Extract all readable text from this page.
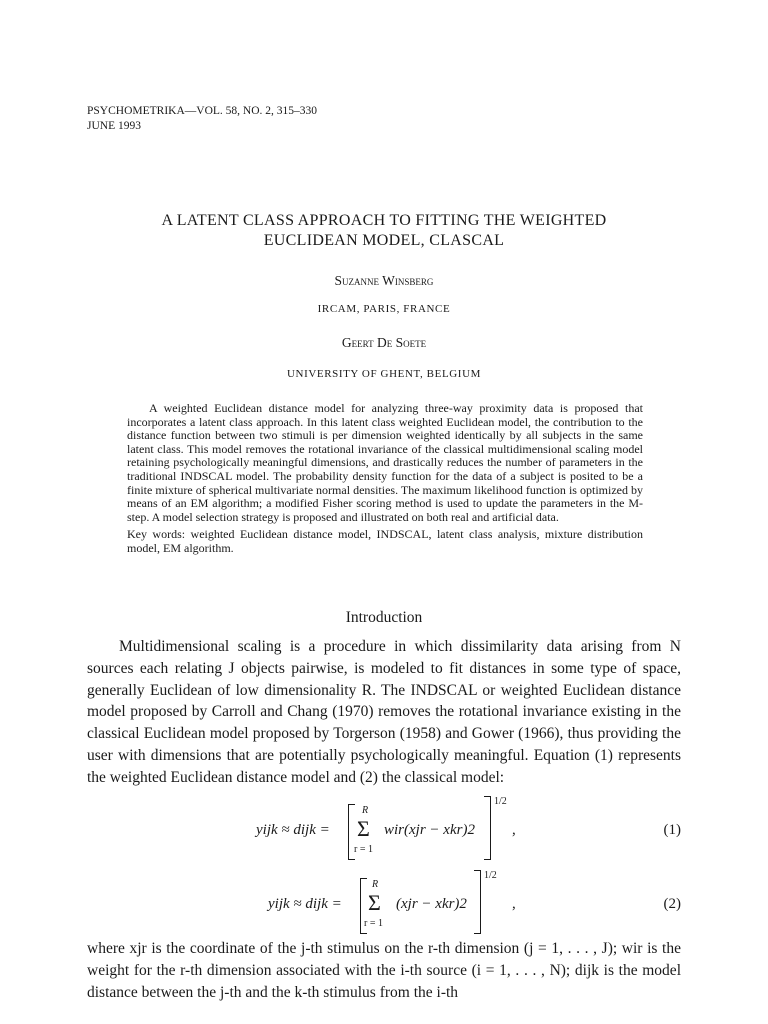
PSYCHOMETRIKA—VOL. 58, NO. 2, 315–330
JUNE 1993
A LATENT CLASS APPROACH TO FITTING THE WEIGHTED
EUCLIDEAN MODEL, CLASCAL
Suzanne Winsberg
IRCAM, PARIS, FRANCE
Geert De Soete
UNIVERSITY OF GHENT, BELGIUM
A weighted Euclidean distance model for analyzing three-way proximity data is proposed that incorporates a latent class approach. In this latent class weighted Euclidean model, the contribution to the distance function between two stimuli is per dimension weighted identically by all subjects in the same latent class. This model removes the rotational invariance of the classical multidimensional scaling model retaining psychologically meaningful dimensions, and drastically reduces the number of parameters in the traditional INDSCAL model. The probability density function for the data of a subject is posited to be a finite mixture of spherical multivariate normal densities. The maximum likelihood function is optimized by means of an EM algorithm; a modified Fisher scoring method is used to update the parameters in the M-step. A model selection strategy is proposed and illustrated on both real and artificial data.
Key words: weighted Euclidean distance model, INDSCAL, latent class analysis, mixture distribution model, EM algorithm.
Introduction
Multidimensional scaling is a procedure in which dissimilarity data arising from N sources each relating J objects pairwise, is modeled to fit distances in some type of space, generally Euclidean of low dimensionality R. The INDSCAL or weighted Euclidean distance model proposed by Carroll and Chang (1970) removes the rotational invariance existing in the classical Euclidean model proposed by Torgerson (1958) and Gower (1966), thus providing the user with dimensions that are potentially psychologically meaningful. Equation (1) represents the weighted Euclidean distance model and (2) the classical model:
yijk ≈ dijk =
R
Σ
r = 1
wir(xjr − xkr)2
1/2
,	(1)
yijk ≈ dijk =
R
Σ
r = 1
(xjr − xkr)2
1/2
,	(2)
where xjr is the coordinate of the j-th stimulus on the r-th dimension (j = 1, . . . , J); wir is the weight for the r-th dimension associated with the i-th source (i = 1, . . . , N); dijk is the model distance between the j-th and the k-th stimulus from the i-th
